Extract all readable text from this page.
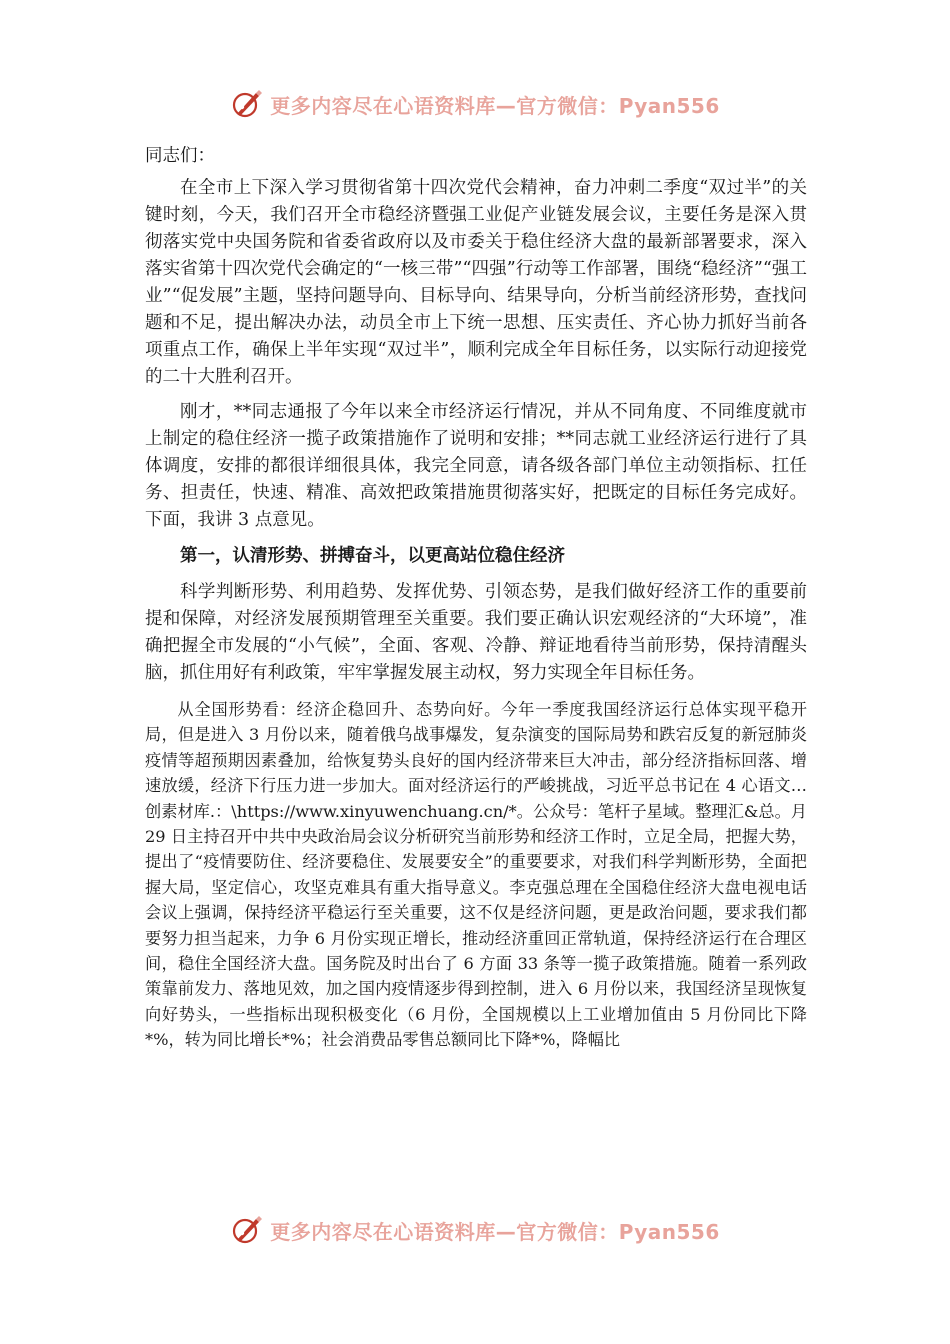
更多内容尽在心语资料库—官方微信：Pyan556

同志们：

在全市上下深入学习贯彻省第十四次党代会精神，奋力冲刺二季度“双过半”的关键时刻，今天，我们召开全市稳经济暨强工业促产业链发展会议，主要任务是深入贯彻落实党中央国务院和省委省政府以及市委关于稳住经济大盘的最新部署要求，深入落实省第十四次党代会确定的“一核三带”“四强”行动等工作部署，围绕“稳经济”“强工业”“促发展”主题，坚持问题导向、目标导向、结果导向，分析当前经济形势，查找问题和不足，提出解决办法，动员全市上下统一思想、压实责任、齐心协力抓好当前各项重点工作，确保上半年实现“双过半”，顺利完成全年目标任务，以实际行动迎接党的二十大胜利召开。

刚才，**同志通报了今年以来全市经济运行情况，并从不同角度、不同维度就市上制定的稳住经济一揽子政策措施作了说明和安排；**同志就工业经济运行进行了具体调度，安排的都很详细很具体，我完全同意，请各级各部门单位主动领指标、扛任务、担责任，快速、精准、高效把政策措施贯彻落实好，把既定的目标任务完成好。下面，我讲 3 点意见。

第一，认清形势、拼搏奋斗，以更高站位稳住经济

科学判断形势、利用趋势、发挥优势、引领态势，是我们做好经济工作的重要前提和保障，对经济发展预期管理至关重要。我们要正确认识宏观经济的“大环境”，准确把握全市发展的“小气候”，全面、客观、冷静、辩证地看待当前形势，保持清醒头脑，抓住用好有利政策，牢牢掌握发展主动权，努力实现全年目标任务。

从全国形势看：经济企稳回升、态势向好。今年一季度我国经济运行总体实现平稳开局，但是进入 3 月份以来，随着俄乌战事爆发，复杂演变的国际局势和跌宕反复的新冠肺炎疫情等超预期因素叠加，给恢复势头良好的国内经济带来巨大冲击，部分经济指标回落、增速放缓，经济下行压力进一步加大。面对经济运行的严峻挑战，习近平总书记在 4 心语文…创素材库.：\https://www.xinyuwenchuang.cn/*。公众号：笔杆子星域。整理汇&总。月 29 日主持召开中共中央政治局会议分析研究当前形势和经济工作时，立足全局，把握大势，提出了“疫情要防住、经济要稳住、发展要安全”的重要要求，对我们科学判断形势，全面把握大局，坚定信心，攻坚克难具有重大指导意义。李克强总理在全国稳住经济大盘电视电话会议上强调，保持经济平稳运行至关重要，这不仅是经济问题，更是政治问题，要求我们都要努力担当起来，力争 6 月份实现正增长，推动经济重回正常轨道，保持经济运行在合理区间，稳住全国经济大盘。国务院及时出台了 6 方面 33 条等一揽子政策措施。随着一系列政策靠前发力、落地见效，加之国内疫情逐步得到控制，进入 6 月份以来，我国经济呈现恢复向好势头，一些指标出现积极变化（6 月份，全国规模以上工业增加值由 5 月份同比下降*%，转为同比增长*%；社会消费品零售总额同比下降*%，降幅比

更多内容尽在心语资料库—官方微信：Pyan556
